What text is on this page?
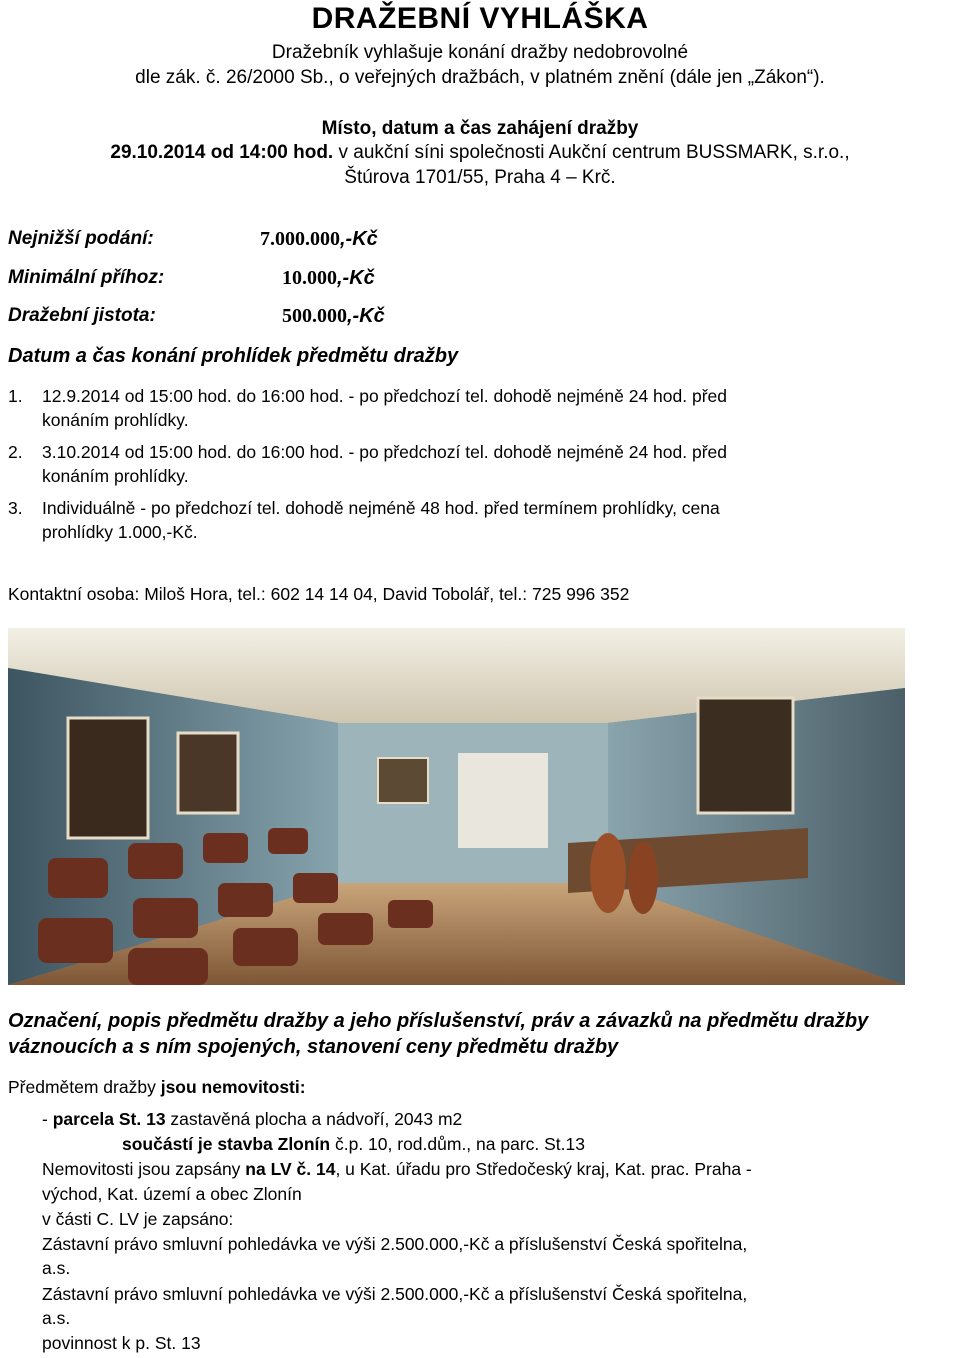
DRAŽEBNÍ VYHLÁŠKA
Dražebník vyhlašuje konání dražby nedobrovolné
dle zák. č. 26/2000 Sb., o veřejných dražbách, v platném znění (dále jen „Zákon“).
Místo, datum a čas zahájení dražby
29.10.2014 od 14:00 hod. v aukční síni společnosti Aukční centrum BUSSMARK, s.r.o.,
Štúrova 1701/55, Praha 4 – Krč.
Nejnižší podání:	7.000.000,-Kč
Minimální příhoz:	10.000,-Kč
Dražební jistota:	500.000,-Kč
Datum a čas konání prohlídek předmětu dražby
1. 12.9.2014 od 15:00 hod. do 16:00 hod. - po předchozí tel. dohodě nejméně 24 hod. před
konáním prohlídky.
2. 3.10.2014 od 15:00 hod. do 16:00 hod. - po předchozí tel. dohodě nejméně 24 hod. před
konáním prohlídky.
3. Individuálně - po předchozí tel. dohodě nejméně 48 hod. před termínem prohlídky, cena
prohlídky 1.000,-Kč.
Kontaktní osoba: Miloš Hora, tel.: 602 14 14 04, David Tobolář, tel.: 725 996 352
Označení, popis předmětu dražby a jeho příslušenství, práv a závazků na předmětu dražby váznoucích a s ním spojených, stanovení ceny předmětu dražby
Předmětem dražby jsou nemovitosti:
- parcela St. 13 zastavěná plocha a nádvoří, 2043 m2
součástí je stavba Zlonín č.p. 10, rod.dům., na parc. St.13
Nemovitosti jsou zapsány na LV č. 14, u Kat. úřadu pro Středočeský kraj, Kat. prac. Praha -
východ, Kat. území a obec Zlonín
v části C. LV je zapsáno:
Zástavní právo smluvní pohledávka ve výši 2.500.000,-Kč a příslušenství Česká spořitelna,
a.s.
Zástavní právo smluvní pohledávka ve výši 2.500.000,-Kč a příslušenství Česká spořitelna,
a.s.
povinnost k p. St. 13
